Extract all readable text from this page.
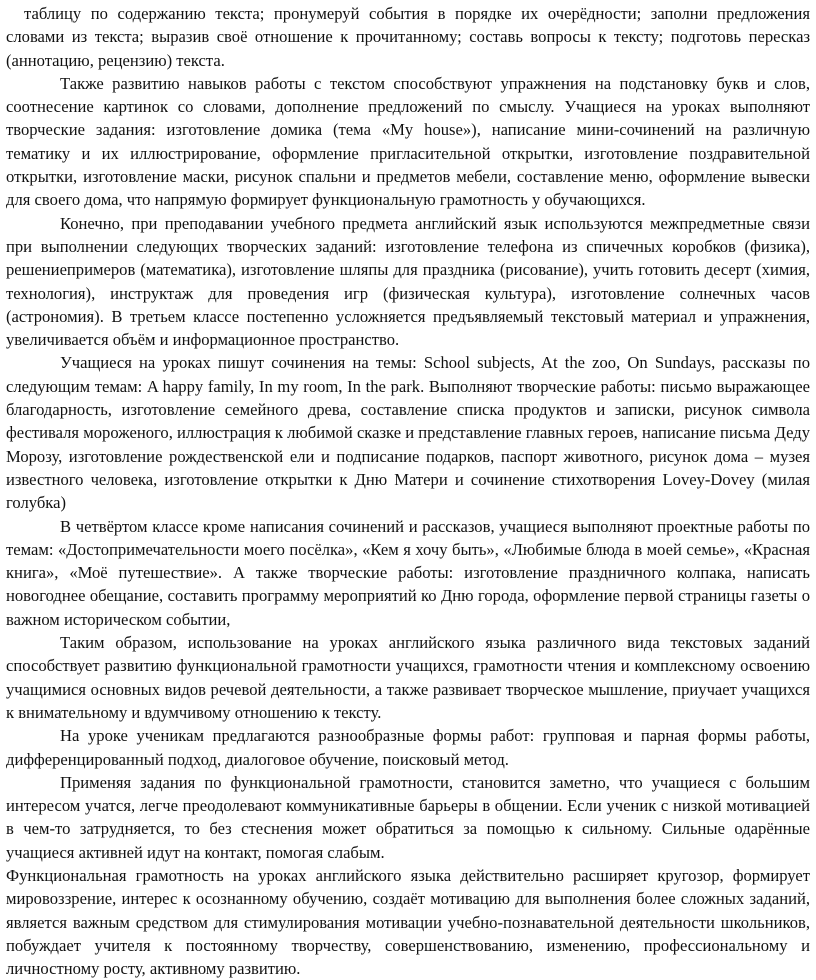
таблицу по содержанию текста; пронумеруй события в порядке их очерёдности; заполни предложения словами из текста; выразив своё отношение к прочитанному; составь вопросы к тексту; подготовь пересказ (аннотацию, рецензию) текста.

Также развитию навыков работы с текстом способствуют упражнения на подстановку букв и слов, соотнесение картинок со словами, дополнение предложений по смыслу. Учащиеся на уроках выполняют творческие задания: изготовление домика (тема «My house»), написание мини-сочинений на различную тематику и их иллюстрирование, оформление пригласительной открытки, изготовление поздравительной открытки, изготовление маски, рисунок спальни и предметов мебели, составление меню, оформление вывески для своего дома, что напрямую формирует функциональную грамотность у обучающихся.

Конечно, при преподавании учебного предмета английский язык используются межпредметные связи при выполнении следующих творческих заданий: изготовление телефона из спичечных коробков (физика), решениепримеров (математика), изготовление шляпы для праздника (рисование), учить готовить десерт (химия, технология), инструктаж для проведения игр (физическая культура), изготовление солнечных часов (астрономия). В третьем классе постепенно усложняется предъявляемый текстовый материал и упражнения, увеличивается объём и информационное пространство.

Учащиеся на уроках пишут сочинения на темы: School subjects, At the zoo, On Sundays, рассказы по следующим темам: A happy family, In my room, In the park. Выполняют творческие работы: письмо выражающее благодарность, изготовление семейного древа, составление списка продуктов и записки, рисунок символа фестиваля мороженого, иллюстрация к любимой сказке и представление главных героев, написание письма Деду Морозу, изготовление рождественской ели и подписание подарков, паспорт животного, рисунок дома – музея известного человека, изготовление открытки к Дню Матери и сочинение стихотворения Lovey-Dovey (милая голубка)

В четвёртом классе кроме написания сочинений и рассказов, учащиеся выполняют проектные работы по темам: «Достопримечательности моего посёлка», «Кем я хочу быть», «Любимые блюда в моей семье», «Красная книга», «Моё путешествие». А также творческие работы: изготовление праздничного колпака, написать новогоднее обещание, составить программу мероприятий ко Дню города, оформление первой страницы газеты о важном историческом событии,

Таким образом, использование на уроках английского языка различного вида текстовых заданий способствует развитию функциональной грамотности учащихся, грамотности чтения и комплексному освоению учащимися основных видов речевой деятельности, а также развивает творческое мышление, приучает учащихся к внимательному и вдумчивому отношению к тексту.

На уроке ученикам предлагаются разнообразные формы работ: групповая и парная формы работы, дифференцированный подход, диалоговое обучение, поисковый метод.

Применяя задания по функциональной грамотности, становится заметно, что учащиеся с большим интересом учатся, легче преодолевают коммуникативные барьеры в общении. Если ученик с низкой мотивацией в чем-то затрудняется, то без стеснения может обратиться за помощью к сильному. Сильные одарённые учащиеся активней идут на контакт, помогая слабым.

Функциональная грамотность на уроках английского языка действительно расширяет кругозор, формирует мировоззрение, интерес к осознанному обучению, создаёт мотивацию для выполнения более сложных заданий, является важным средством для стимулирования мотивации учебно-познавательной деятельности школьников, побуждает учителя к постоянному творчеству, совершенствованию, изменению, профессиональному и личностному росту, активному развитию.
